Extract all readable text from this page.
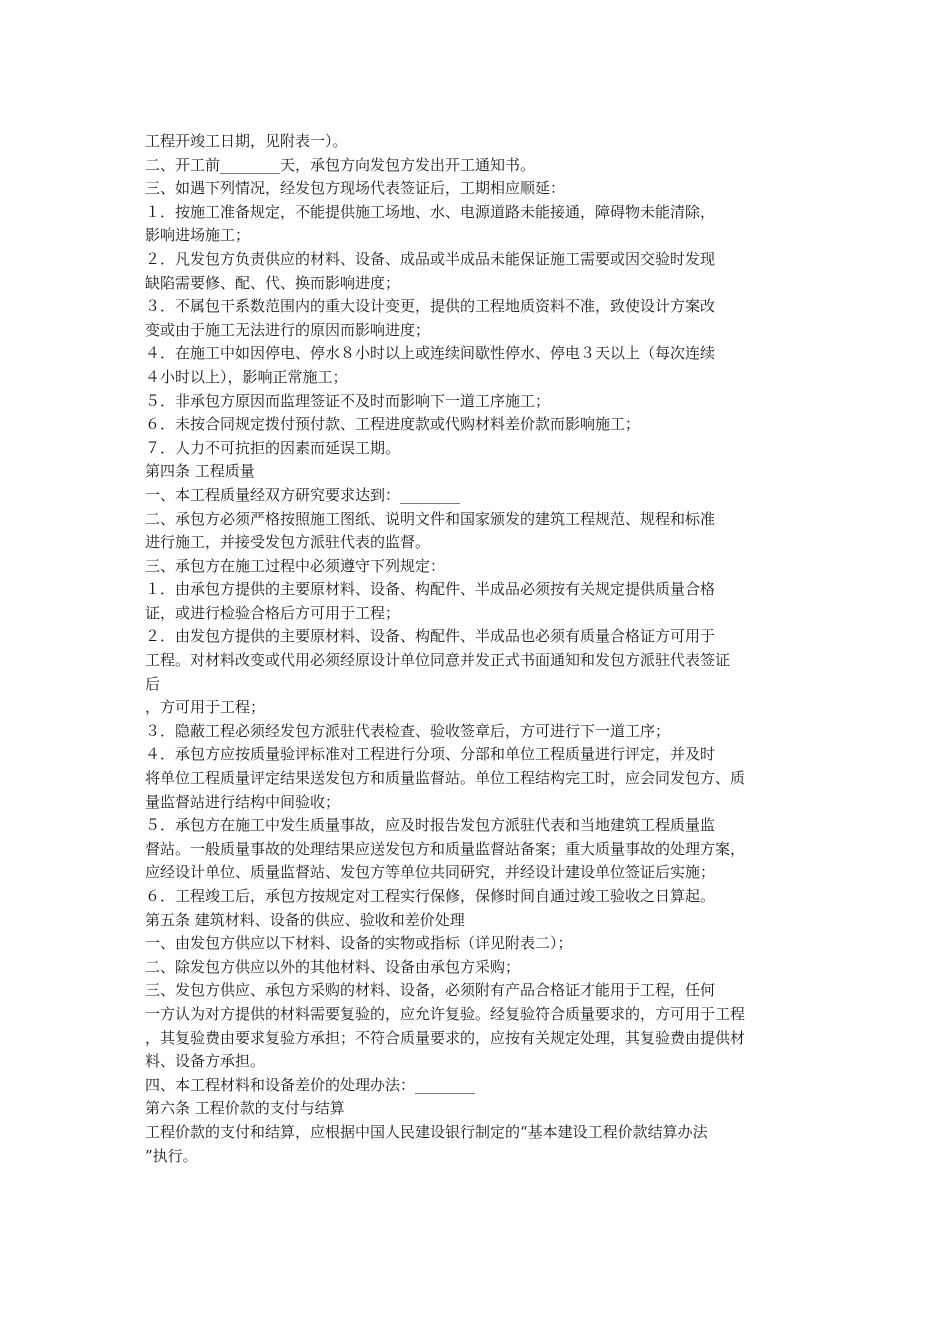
工程开竣工日期，见附表一）。
二、开工前________天，承包方向发包方发出开工通知书。
三、如遇下列情况，经发包方现场代表签证后，工期相应顺延：
１．按施工准备规定，不能提供施工场地、水、电源道路未能接通，障碍物未能清除，
影响进场施工；
２．凡发包方负责供应的材料、设备、成品或半成品未能保证施工需要或因交验时发现
缺陷需要修、配、代、换而影响进度；
３．不属包干系数范围内的重大设计变更，提供的工程地质资料不准，致使设计方案改
变或由于施工无法进行的原因而影响进度；
４．在施工中如因停电、停水８小时以上或连续间歇性停水、停电３天以上（每次连续
４小时以上），影响正常施工；
５．非承包方原因而监理签证不及时而影响下一道工序施工；
６．未按合同规定拨付预付款、工程进度款或代购材料差价款而影响施工；
７．人力不可抗拒的因素而延误工期。
第四条 工程质量
一、本工程质量经双方研究要求达到：________
二、承包方必须严格按照施工图纸、说明文件和国家颁发的建筑工程规范、规程和标准
进行施工，并接受发包方派驻代表的监督。
三、承包方在施工过程中必须遵守下列规定：
１．由承包方提供的主要原材料、设备、构配件、半成品必须按有关规定提供质量合格
证，或进行检验合格后方可用于工程；
２．由发包方提供的主要原材料、设备、构配件、半成品也必须有质量合格证方可用于
工程。对材料改变或代用必须经原设计单位同意并发正式书面通知和发包方派驻代表签证
后
，方可用于工程；
３．隐蔽工程必须经发包方派驻代表检查、验收签章后，方可进行下一道工序；
４．承包方应按质量验评标准对工程进行分项、分部和单位工程质量进行评定，并及时
将单位工程质量评定结果送发包方和质量监督站。单位工程结构完工时，应会同发包方、质
量监督站进行结构中间验收；
５．承包方在施工中发生质量事故，应及时报告发包方派驻代表和当地建筑工程质量监
督站。一般质量事故的处理结果应送发包方和质量监督站备案；重大质量事故的处理方案，
应经设计单位、质量监督站、发包方等单位共同研究，并经设计建设单位签证后实施；
６．工程竣工后，承包方按规定对工程实行保修，保修时间自通过竣工验收之日算起。
第五条 建筑材料、设备的供应、验收和差价处理
一、由发包方供应以下材料、设备的实物或指标（详见附表二）；
二、除发包方供应以外的其他材料、设备由承包方采购；
三、发包方供应、承包方采购的材料、设备，必须附有产品合格证才能用于工程，任何
一方认为对方提供的材料需要复验的，应允许复验。经复验符合质量要求的，方可用于工程
，其复验费由要求复验方承担；不符合质量要求的，应按有关规定处理，其复验费由提供材
料、设备方承担。
四、本工程材料和设备差价的处理办法：________
第六条 工程价款的支付与结算
工程价款的支付和结算，应根据中国人民建设银行制定的“基本建设工程价款结算办法
”执行。
